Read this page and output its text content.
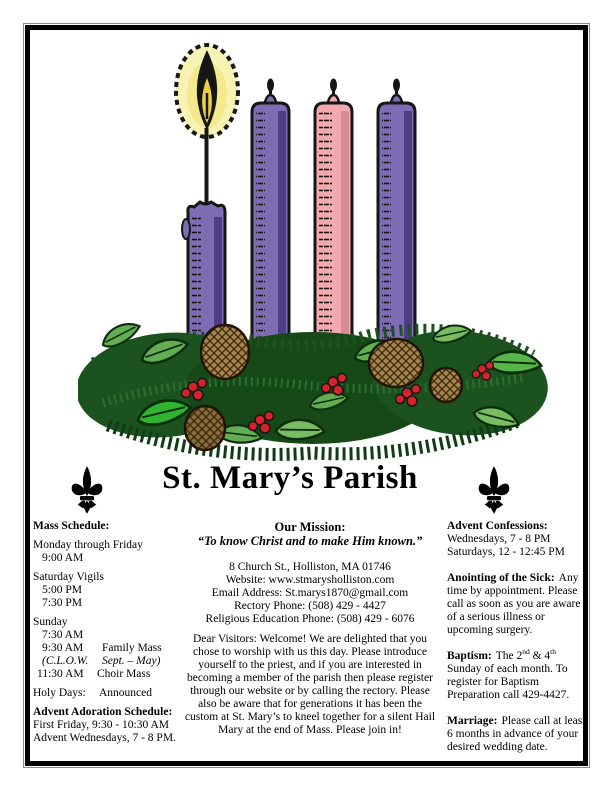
St. Mary’s Parish
Mass Schedule:
Monday through Friday
9:00 AM
Saturday Vigils
5:00 PM
7:30 PM
Sunday
7:30 AM
9:30 AM Family Mass
(C.L.O.W. Sept. – May)
11:30 AM Choir Mass
Holy Days: Announced
Advent Adoration Schedule:
First Friday, 9:30 - 10:30 AM
Advent Wednesdays, 7 - 8 PM.
Our Mission:
“To know Christ and to make Him known.”
8 Church St., Holliston, MA 01746
Website: www.stmarysholliston.com
Email Address: St.marys1870@gmail.com
Rectory Phone: (508) 429 - 4427
Religious Education Phone: (508) 429 - 6076
Dear Visitors: Welcome! We are delighted that you chose to worship with us this day. Please introduce yourself to the priest, and if you are interested in becoming a member of the parish then please register through our website or by calling the rectory. Please also be aware that for generations it has been the custom at St. Mary’s to kneel together for a silent Hail Mary at the end of Mass. Please join in!

Advent Confessions:
Wednesdays, 7 - 8 PM
Saturdays, 12 - 12:45 PM

Anointing of the Sick: Any time by appointment. Please call as soon as you are aware of a serious illness or upcoming surgery.

Baptism: The 2nd & 4th Sunday of each month. To register for Baptism Preparation call 429-4427.

Marriage: Please call at least 6 months in advance of your desired wedding date.
